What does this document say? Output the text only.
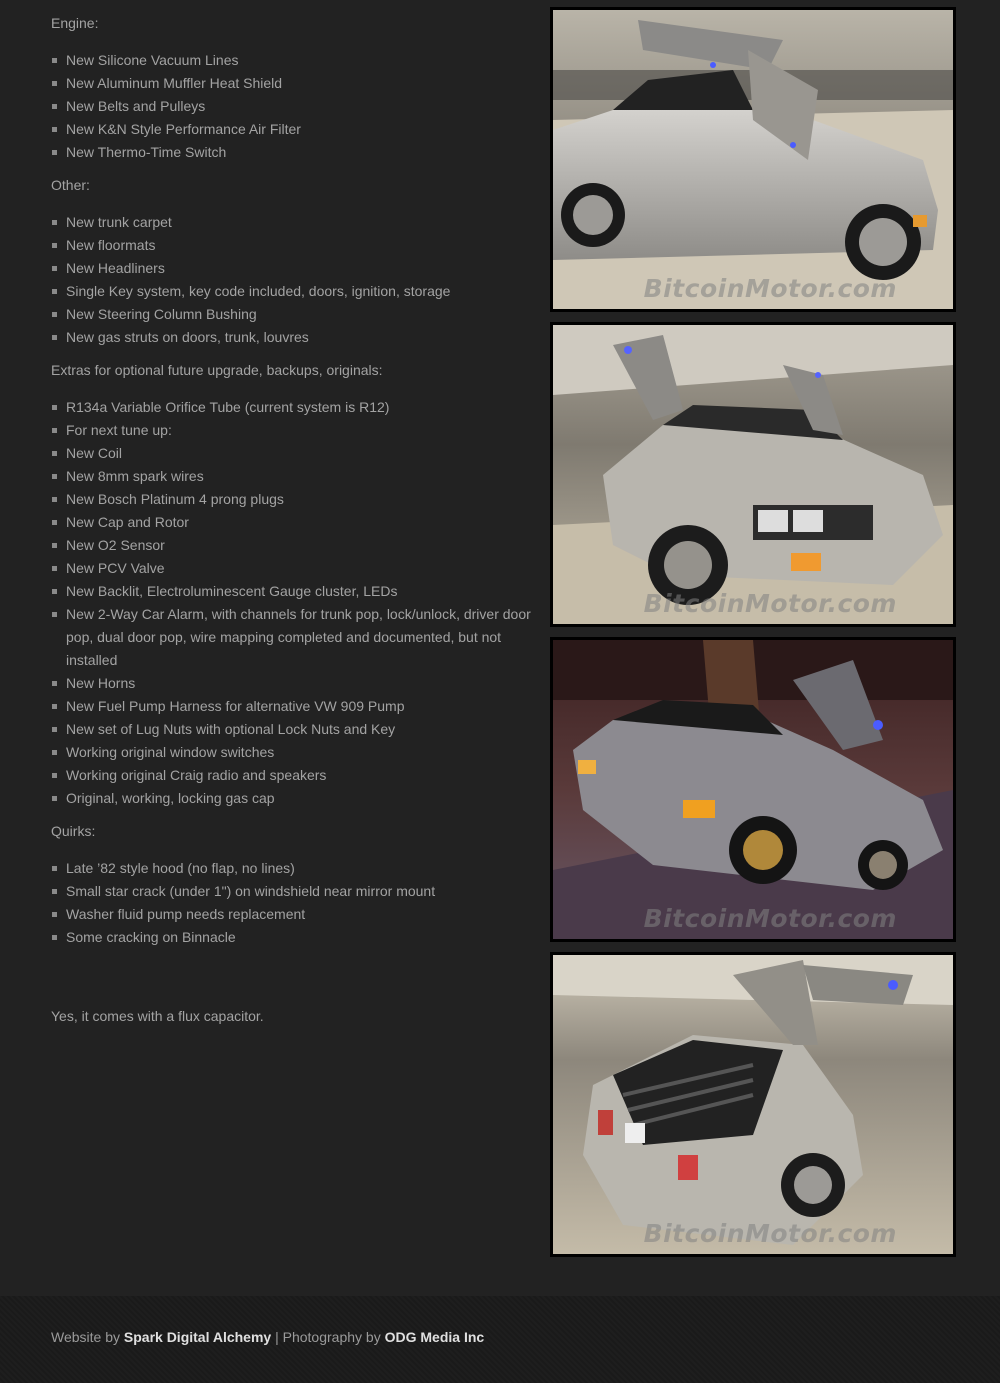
Engine:
New Silicone Vacuum Lines
New Aluminum Muffler Heat Shield
New Belts and Pulleys
New K&N Style Performance Air Filter
New Thermo-Time Switch
Other:
New trunk carpet
New floormats
New Headliners
Single Key system, key code included, doors, ignition, storage
New Steering Column Bushing
New gas struts on doors, trunk, louvres
Extras for optional future upgrade, backups, originals:
R134a Variable Orifice Tube (current system is R12)
For next tune up:
New Coil
New 8mm spark wires
New Bosch Platinum 4 prong plugs
New Cap and Rotor
New O2 Sensor
New PCV Valve
New Backlit, Electroluminescent Gauge cluster, LEDs
New 2-Way Car Alarm, with channels for trunk pop, lock/unlock, driver door pop, dual door pop, wire mapping completed and documented, but not installed
New Horns
New Fuel Pump Harness for alternative VW 909 Pump
New set of Lug Nuts with optional Lock Nuts and Key
Working original window switches
Working original Craig radio and speakers
Original, working, locking gas cap
Quirks:
Late ’82 style hood (no flap, no lines)
Small star crack (under 1") on windshield near mirror mount
Washer fluid pump needs replacement
Some cracking on Binnacle
Yes, it comes with a flux capacitor.
BitcoinMotor.com
BitcoinMotor.com
BitcoinMotor.com
BitcoinMotor.com
Website by Spark Digital Alchemy | Photography by ODG Media Inc
